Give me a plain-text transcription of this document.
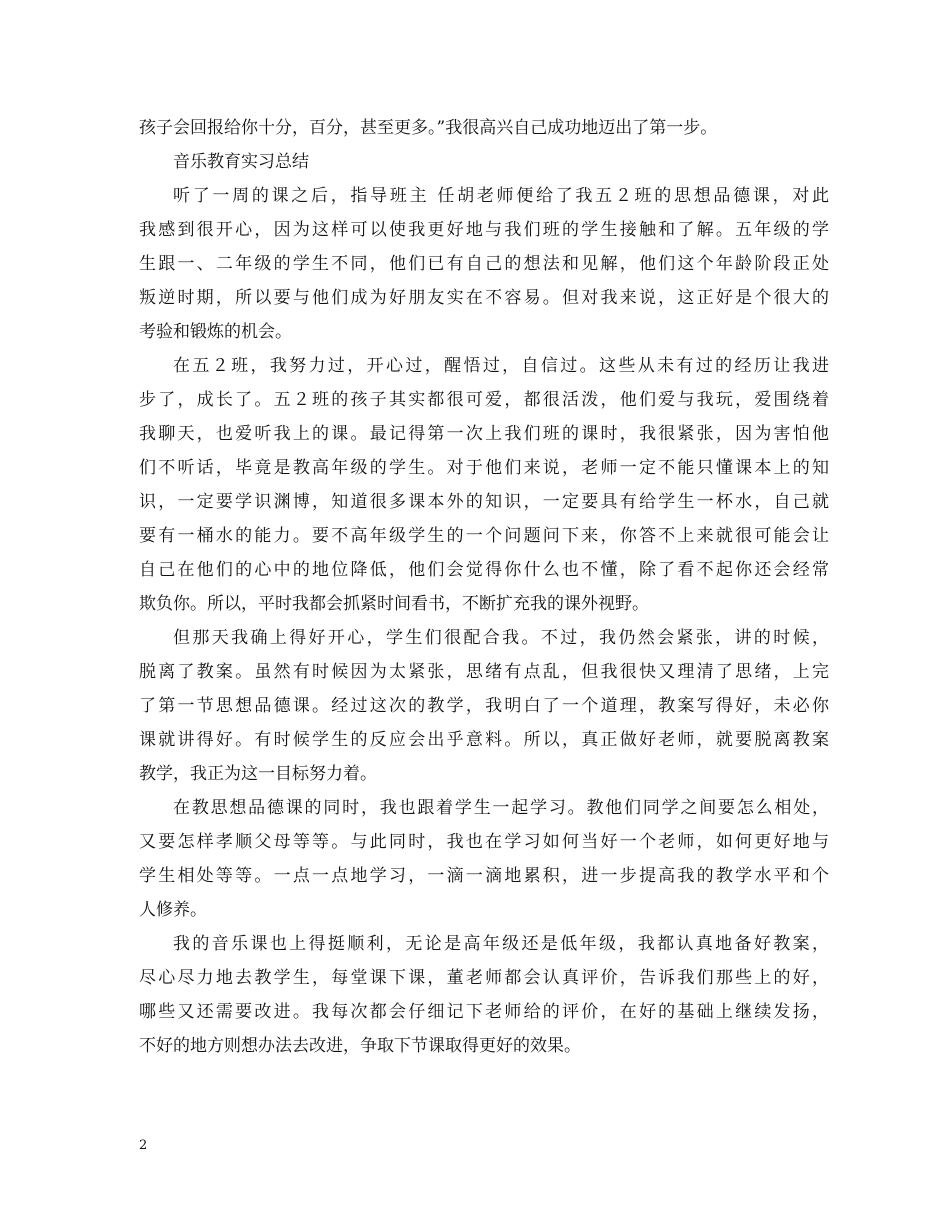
孩子会回报给你十分，百分，甚至更多。”我很高兴自己成功地迈出了第一步。
音乐教育实习总结
听了一周的课之后，指导班主 任胡老师便给了我五２班的思想品德课，对此
我感到很开心，因为这样可以使我更好地与我们班的学生接触和了解。五年级的学
生跟一、二年级的学生不同，他们已有自己的想法和见解，他们这个年龄阶段正处
叛逆时期，所以要与他们成为好朋友实在不容易。但对我来说，这正好是个很大的
考验和锻炼的机会。
在五２班，我努力过，开心过，醒悟过，自信过。这些从未有过的经历让我进
步了，成长了。五２班的孩子其实都很可爱，都很活泼，他们爱与我玩，爱围绕着
我聊天，也爱听我上的课。最记得第一次上我们班的课时，我很紧张，因为害怕他
们不听话，毕竟是教高年级的学生。对于他们来说，老师一定不能只懂课本上的知
识，一定要学识渊博，知道很多课本外的知识，一定要具有给学生一杯水，自己就
要有一桶水的能力。要不高年级学生的一个问题问下来，你答不上来就很可能会让
自己在他们的心中的地位降低，他们会觉得你什么也不懂，除了看不起你还会经常
欺负你。所以，平时我都会抓紧时间看书，不断扩充我的课外视野。
但那天我确上得好开心，学生们很配合我。不过，我仍然会紧张，讲的时候，
脱离了教案。虽然有时候因为太紧张，思绪有点乱，但我很快又理清了思绪，上完
了第一节思想品德课。经过这次的教学，我明白了一个道理，教案写得好，未必你
课就讲得好。有时候学生的反应会出乎意料。所以，真正做好老师，就要脱离教案
教学，我正为这一目标努力着。
在教思想品德课的同时，我也跟着学生一起学习。教他们同学之间要怎么相处，
又要怎样孝顺父母等等。与此同时，我也在学习如何当好一个老师，如何更好地与
学生相处等等。一点一点地学习，一滴一滴地累积，进一步提高我的教学水平和个
人修养。
我的音乐课也上得挺顺利，无论是高年级还是低年级，我都认真地备好教案，
尽心尽力地去教学生，每堂课下课，董老师都会认真评价，告诉我们那些上的好，
哪些又还需要改进。我每次都会仔细记下老师给的评价，在好的基础上继续发扬，
不好的地方则想办法去改进，争取下节课取得更好的效果。
2
